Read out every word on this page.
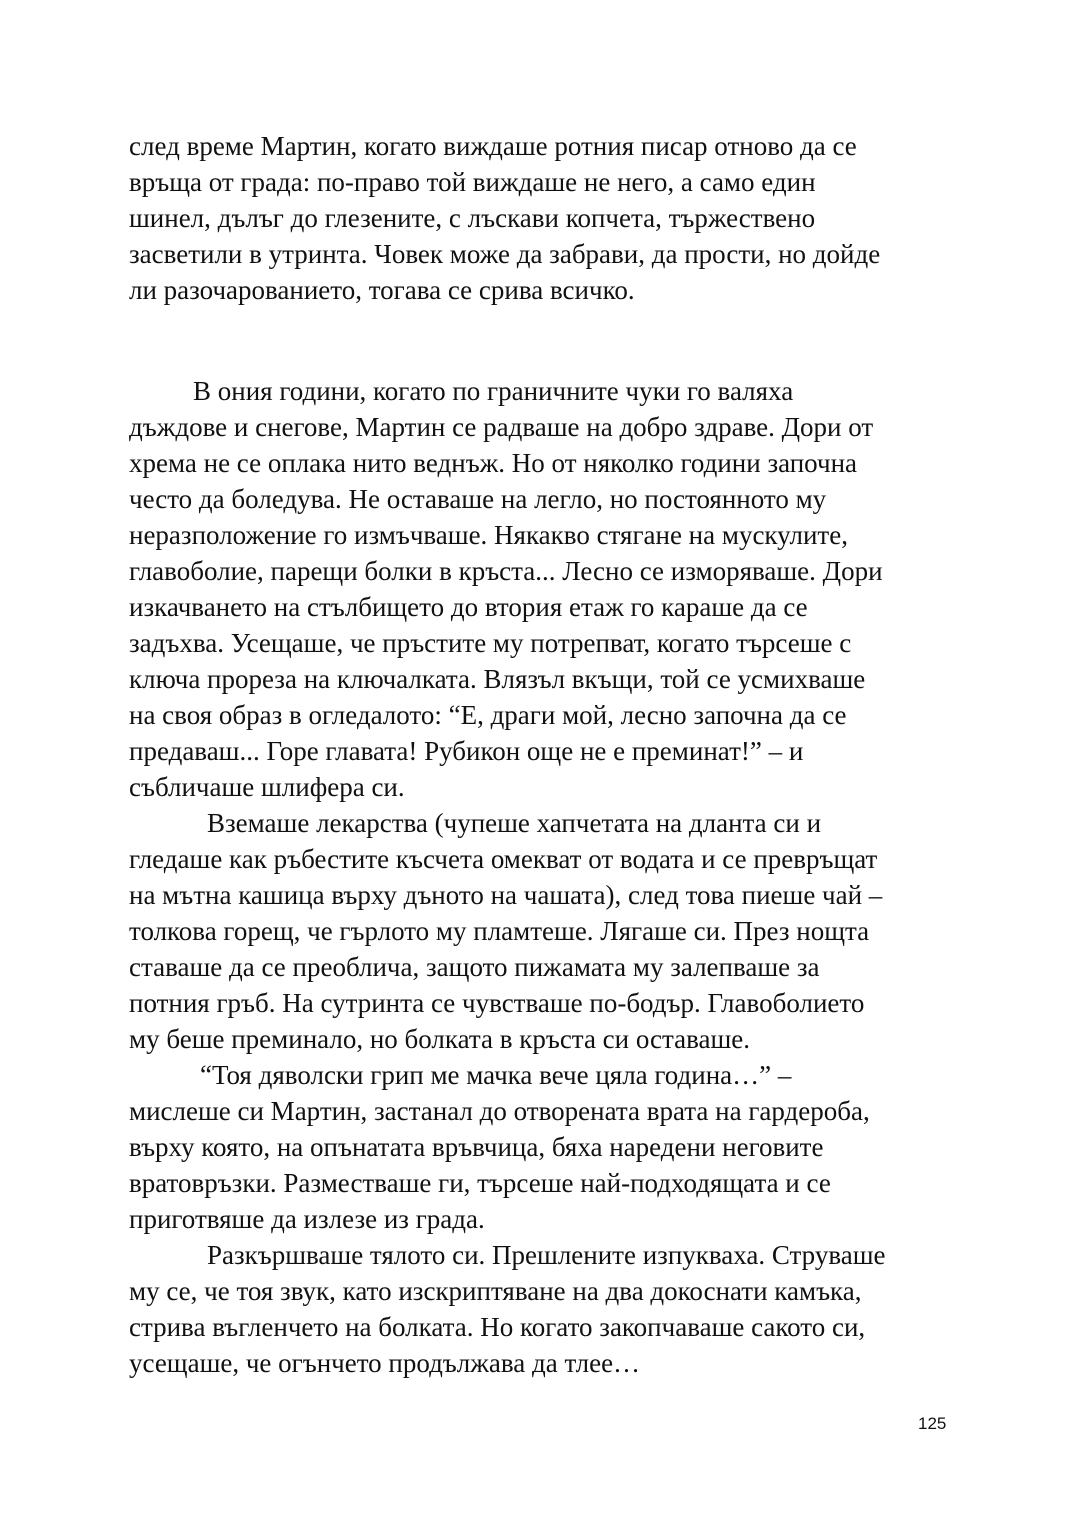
след време Мартин, когато виждаше ротния писар отново да се
връща от града: по-право той виждаше не него, а само един
шинел, дълъг до глезените, с лъскави копчета, тържествено
засветили в утринта. Човек може да забрави, да прости, но дойде
ли разочарованието, тогава се срива всичко.
В ония години, когато по граничните чуки го валяха
дъждове и снегове, Мартин се радваше на добро здраве. Дори от
хрема не се оплака нито веднъж. Но от няколко години започна
често да боледува. Не оставаше на легло, но постоянното му
неразположение го измъчваше. Някакво стягане на мускулите,
главоболие, парещи болки в кръста... Лесно се изморяваше. Дори
изкачването на стълбището до втория етаж го караше да се
задъхва. Усещаше, че пръстите му потрепват, когато търсеше с
ключа прореза на ключалката. Влязъл вкъщи, той се усмихваше
на своя образ в огледалото: “Е, драги мой, лесно започна да се
предаваш... Горе главата! Рубикон още не е преминат!” – и
събличаше шлифера си.
Вземаше лекарства (чупеше хапчетата на дланта си и
гледаше как ръбестите късчета омекват от водата и се превръщат
на мътна кашица върху дъното на чашата), след това пиеше чай –
толкова горещ, че гърлото му пламтеше. Лягаше си. През нощта
ставаше да се преоблича, защото пижамата му залепваше за
потния гръб. На сутринта се чувстваше по-бодър. Главоболието
му беше преминало, но болката в кръста си оставаше.
“Тоя дяволски грип ме мачка вече цяла година…” –
мислеше си Мартин, застанал до отворената врата на гардероба,
върху която, на опънатата връвчица, бяха наредени неговите
вратовръзки. Разместваше ги, търсеше най-подходящата и се
приготвяше да излезе из града.
Разкършваше тялото си. Прешлените изпукваха. Струваше
му се, че тоя звук, като изскриптяване на два докоснати камъка,
стрива въгленчето на болката. Но когато закопчаваше сакото си,
усещаше, че огънчето продължава да тлее…
125
